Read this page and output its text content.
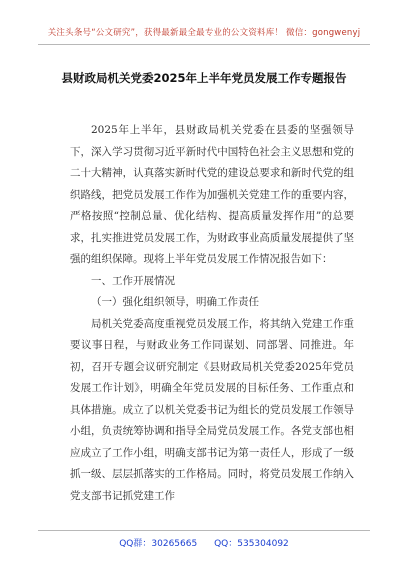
关注头条号“公文研究”，获得最新最全最专业的公文资料库！ 微信：gongwenyj
县财政局机关党委2025年上半年党员发展工作专题报告

2025年上半年，县财政局机关党委在县委的坚强领导下，深入学习贯彻习近平新时代中国特色社会主义思想和党的二十大精神，认真落实新时代党的建设总要求和新时代党的组织路线，把党员发展工作作为加强机关党建工作的重要内容，严格按照“控制总量、优化结构、提高质量发挥作用”的总要求，扎实推进党员发展工作，为财政事业高质量发展提供了坚强的组织保障。现将上半年党员发展工作情况报告如下：

一、工作开展情况
（一）强化组织领导，明确工作责任

局机关党委高度重视党员发展工作，将其纳入党建工作重要议事日程，与财政业务工作同谋划、同部署、同推进。年初，召开专题会议研究制定《县财政局机关党委2025年党员发展工作计划》，明确全年党员发展的目标任务、工作重点和具体措施。成立了以机关党委书记为组长的党员发展工作领导小组，负责统筹协调和指导全局党员发展工作。各党支部也相应成立了工作小组，明确支部书记为第一责任人，形成了一级抓一级、层层抓落实的工作格局。同时，将党员发展工作纳入党支部书记抓党建工作

QQ群：30265665 QQ：535304092
